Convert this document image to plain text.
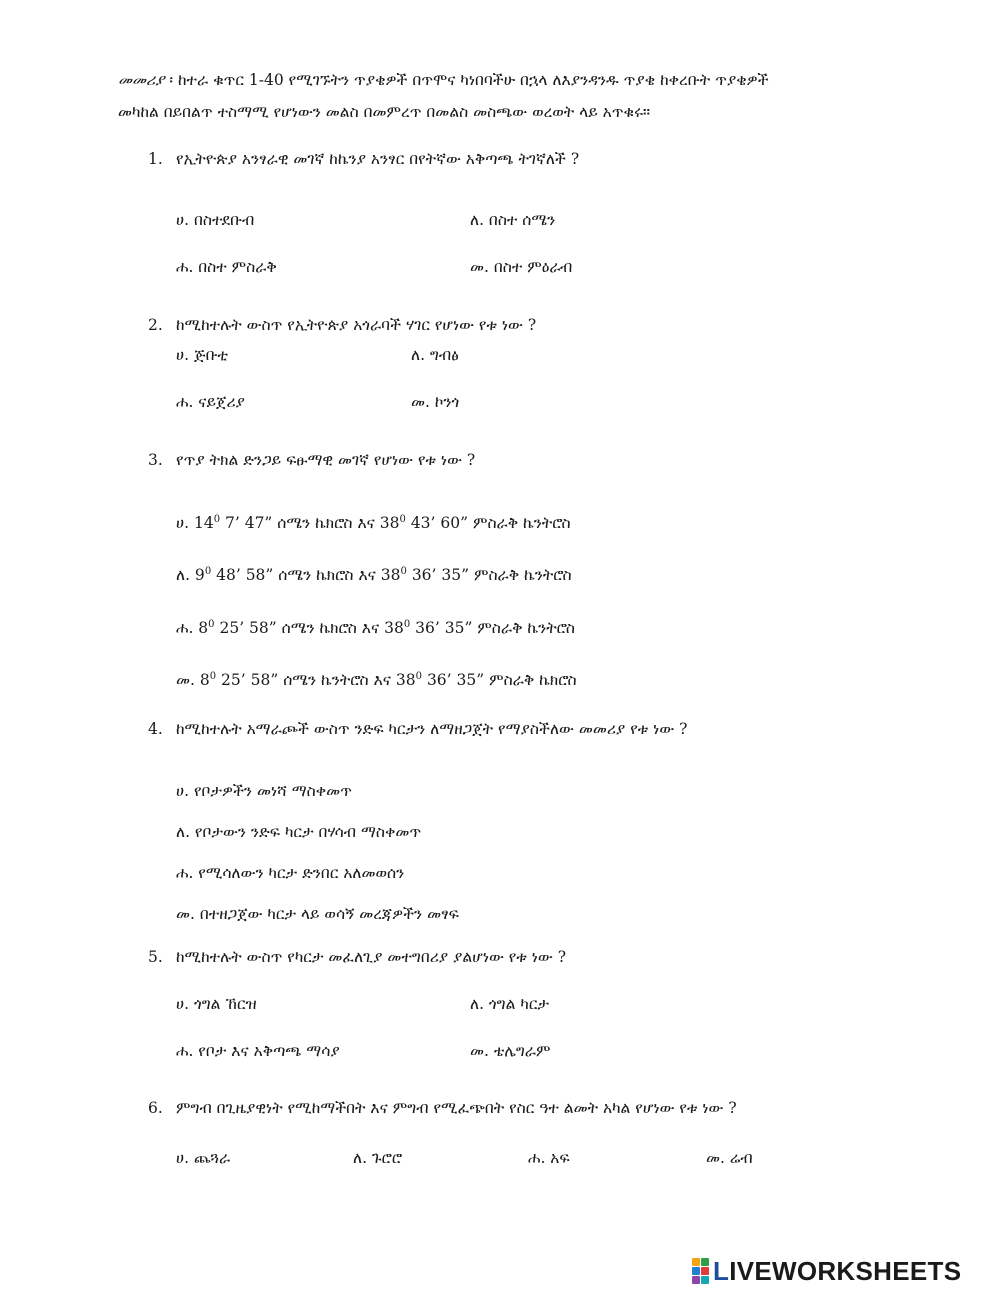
መመሪያ ፡ ከተራ ቁጥር 1-40 የሚገኙትን ጥያቄዎች በጥሞና ካነበባችሁ በኋላ ለእያንዳንዱ ጥያቄ ከቀረቡት ጥያቄዎች
መካከል በይበልጥ ተስማሚ የሆነውን መልስ በመምረጥ በመልስ መስጫው ወረወት ላይ አጥቁሩ።
1. የኢትዮጵያ አንፃራዊ መገኛ ከኬንያ አንፃር በየትኛው አቅጣጫ ትገኛለች ?
ሀ. በስተደቡብ	ለ. በስተ ሰሜን
ሐ. በስተ ምስራቅ	መ. በስተ ምዕራብ
2. ከሚከተሉት ውስጥ የኢትዮጵያ አጎራባች ሃገር የሆነው የቱ ነው ?
ሀ. ጅቡቲ	ለ. ግብፅ
ሐ. ናይጀሪያ	መ. ኮንጎ
3. የጥያ ትክል ድንጋይ ፍፁማዊ መገኛ የሆነው የቱ ነው ?
ሀ. $14^0$ 7’ 47” ሰሜን ኬክሮስ እና $38^0$ 43’ 60” ምስራቅ ኬንትሮስ
ለ. $9^0$ 48’ 58” ሰሜን ኬክሮስ እና $38^0$ 36’ 35” ምስራቅ ኬንትሮስ
ሐ. $8^0$ 25’ 58” ሰሜን ኬክሮስ እና $38^0$ 36’ 35” ምስራቅ ኬንትሮስ
መ. $8^0$ 25’ 58” ሰሜን ኬንትሮስ እና $38^0$ 36’ 35” ምስራቅ ኬክሮስ
4. ከሚከተሉት አማራጮች ውስጥ ንድፍ ካርታን ለማዘጋጀት የማያስችለው መመሪያ የቱ ነው ?
ሀ. የቦታዎችን መነሻ ማስቀመጥ
ለ. የቦታውን ንድፍ ካርታ በሃሳብ ማስቀመጥ
ሐ. የሚሳለውን ካርታ ድንበር አለመወሰን
መ. በተዘጋጀው ካርታ ላይ ወሳኝ መረጃዎችን መፃፍ
5. ከሚከተሉት ውስጥ የካርታ መፈለጊያ መተግበሪያ ያልሆነው የቱ ነው ?
ሀ. ጎግል ኸርዝ	ለ. ጎግል ካርታ
ሐ. የቦታ እና አቅጣጫ ማሳያ	መ. ቴሌግራም
6. ምግብ በጊዜያዊነት የሚከማችበት እና ምግብ የሚፈጭበት የስር ዓተ ልመት አካል የሆነው የቱ ነው ?
ሀ. ጨጓራ	ለ. ጉሮሮ	ሐ. አፍ	መ. ሬብ
LIVEWORKSHEETS
